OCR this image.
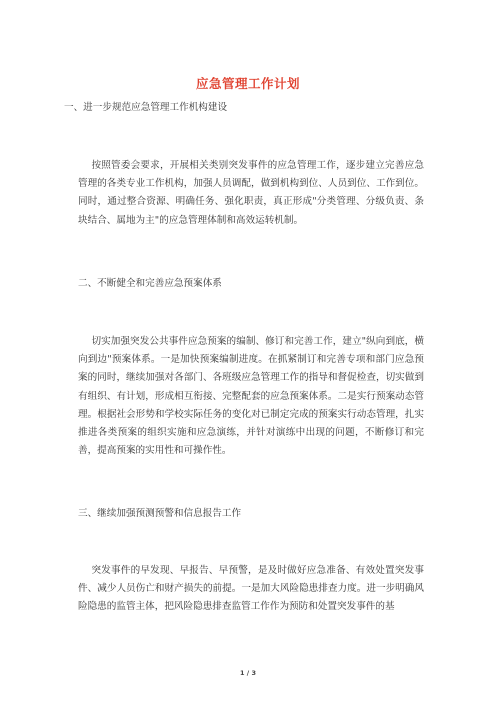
应急管理工作计划
一、进一步规范应急管理工作机构建设
按照管委会要求，开展相关类别突发事件的应急管理工作，逐步建立完善应急管理的各类专业工作机构，加强人员调配，做到机构到位、人员到位、工作到位。同时，通过整合资源、明确任务、强化职责，真正形成"分类管理、分级负责、条块结合、属地为主"的应急管理体制和高效运转机制。
二、不断健全和完善应急预案体系
切实加强突发公共事件应急预案的编制、修订和完善工作，建立"纵向到底，横向到边"预案体系。一是加快预案编制进度。在抓紧制订和完善专项和部门应急预案的同时，继续加强对各部门、各班级应急管理工作的指导和督促检查，切实做到有组织、有计划，形成相互衔接、完整配套的应急预案体系。二是实行预案动态管理。根据社会形势和学校实际任务的变化对已制定完成的预案实行动态管理，扎实推进各类预案的组织实施和应急演练，并针对演练中出现的问题，不断修订和完善，提高预案的实用性和可操作性。
三、继续加强预测预警和信息报告工作
突发事件的早发现、早报告、早预警，是及时做好应急准备、有效处置突发事件、减少人员伤亡和财产损失的前提。一是加大风险隐患排查力度。进一步明确风险隐患的监管主体，把风险隐患排查监管工作作为预防和处置突发事件的基
1 / 3
